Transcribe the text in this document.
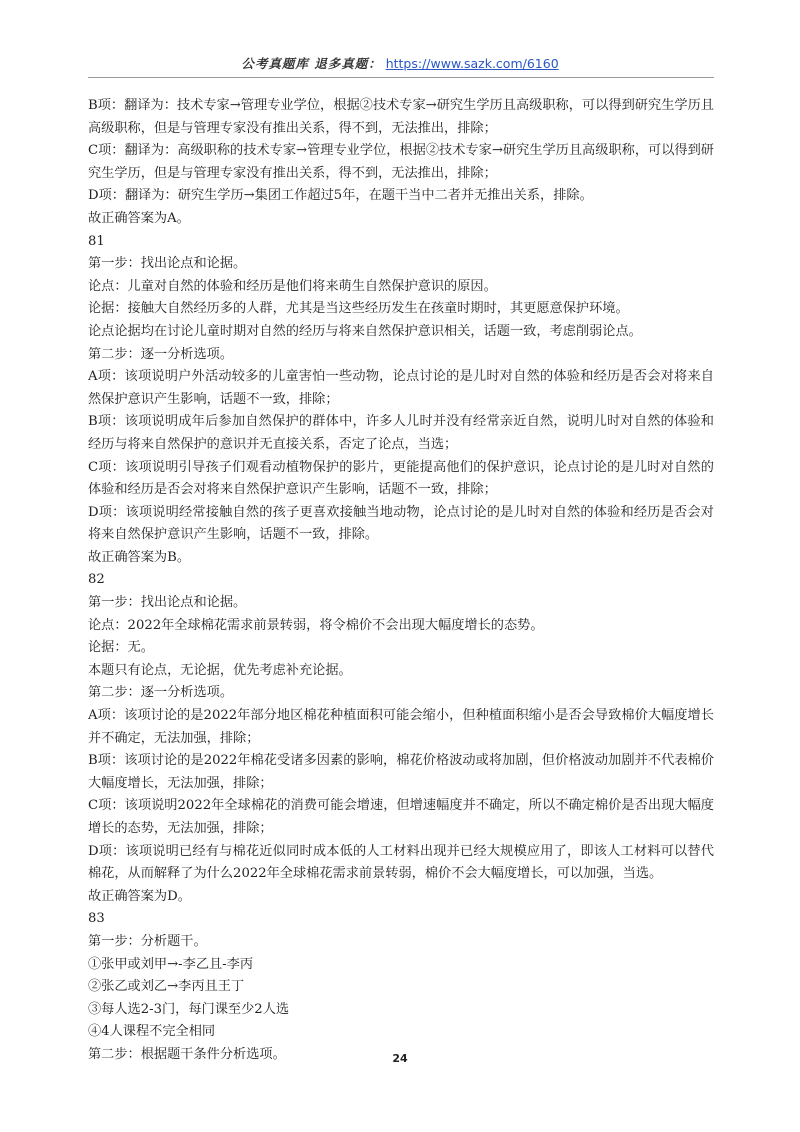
公考真题库 退多真题： https://www.sazk.com/6160

B项：翻译为：技术专家→管理专业学位，根据②技术专家→研究生学历且高级职称，可以得到研究生学历且高级职称，但是与管理专家没有推出关系，得不到，无法推出，排除；

C项：翻译为：高级职称的技术专家→管理专业学位，根据②技术专家→研究生学历且高级职称，可以得到研究生学历，但是与管理专家没有推出关系，得不到，无法推出，排除；

D项：翻译为：研究生学历→集团工作超过5年，在题干当中二者并无推出关系，排除。

故正确答案为A。

81

第一步：找出论点和论据。

论点：儿童对自然的体验和经历是他们将来萌生自然保护意识的原因。

论据：接触大自然经历多的人群，尤其是当这些经历发生在孩童时期时，其更愿意保护环境。

论点论据均在讨论儿童时期对自然的经历与将来自然保护意识相关，话题一致，考虑削弱论点。

第二步：逐一分析选项。

A项：该项说明户外活动较多的儿童害怕一些动物，论点讨论的是儿时对自然的体验和经历是否会对将来自然保护意识产生影响，话题不一致，排除；

B项：该项说明成年后参加自然保护的群体中，许多人儿时并没有经常亲近自然，说明儿时对自然的体验和经历与将来自然保护的意识并无直接关系，否定了论点，当选；

C项：该项说明引导孩子们观看动植物保护的影片，更能提高他们的保护意识，论点讨论的是儿时对自然的体验和经历是否会对将来自然保护意识产生影响，话题不一致，排除；

D项：该项说明经常接触自然的孩子更喜欢接触当地动物，论点讨论的是儿时对自然的体验和经历是否会对将来自然保护意识产生影响，话题不一致，排除。

故正确答案为B。

82

第一步：找出论点和论据。

论点：2022年全球棉花需求前景转弱，将令棉价不会出现大幅度增长的态势。

论据：无。

本题只有论点，无论据，优先考虑补充论据。

第二步：逐一分析选项。

A项：该项讨论的是2022年部分地区棉花种植面积可能会缩小，但种植面积缩小是否会导致棉价大幅度增长并不确定，无法加强，排除；

B项：该项讨论的是2022年棉花受诸多因素的影响，棉花价格波动或将加剧，但价格波动加剧并不代表棉价大幅度增长，无法加强，排除；

C项：该项说明2022年全球棉花的消费可能会增速，但增速幅度并不确定，所以不确定棉价是否出现大幅度增长的态势，无法加强，排除；

D项：该项说明已经有与棉花近似同时成本低的人工材料出现并已经大规模应用了，即该人工材料可以替代棉花，从而解释了为什么2022年全球棉花需求前景转弱，棉价不会大幅度增长，可以加强，当选。

故正确答案为D。

83

第一步：分析题干。

①张甲或刘甲→-李乙且-李丙

②张乙或刘乙→李丙且王丁

③每人选2-3门，每门课至少2人选

④4人课程不完全相同

第二步：根据题干条件分析选项。	24
